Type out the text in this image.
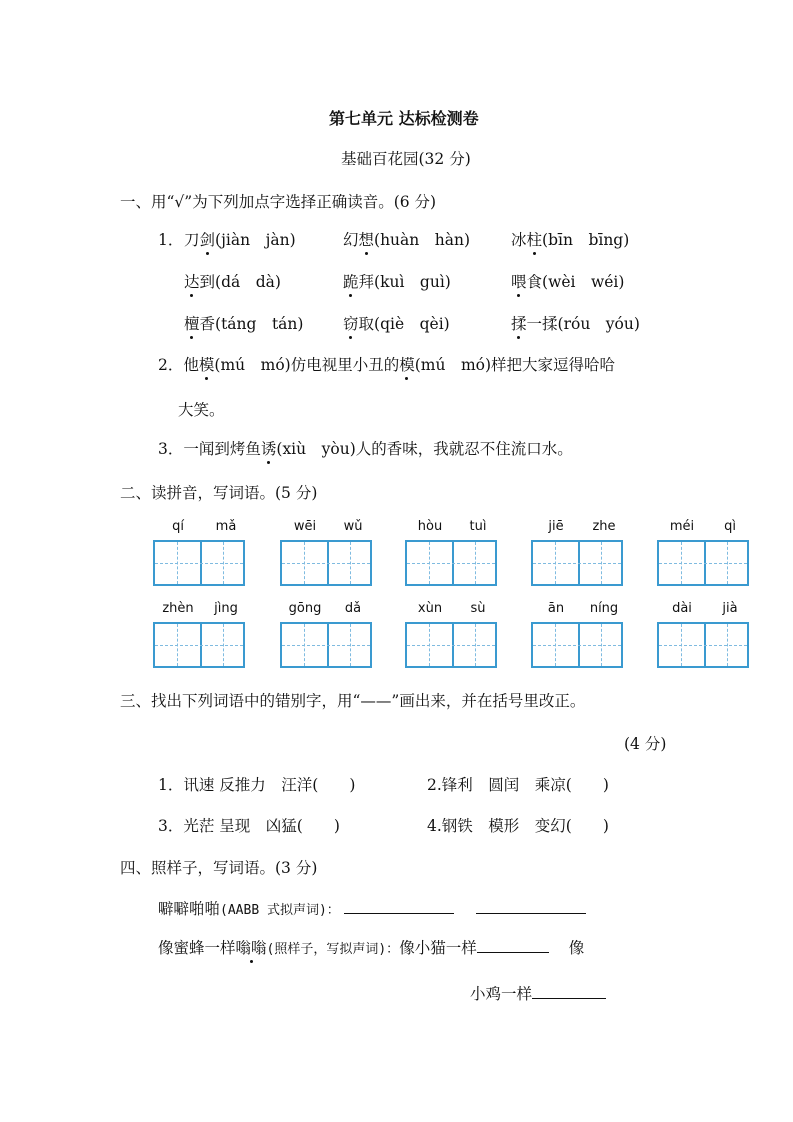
第七单元 达标检测卷
基础百花园(32 分)
一、用“√”为下列加点字选择正确读音。(6 分)
1． 刀剑(jiàn　jàn)	幻想(huàn　hàn)	冰柱(bīn　bīng)
达到(dá　dà)	跪拜(kuì　guì)	喂食(wèi　wéi)
檀香(táng　tán)	窃取(qiè　qèi)	揉一揉(róu　yóu)
2．他模(mú　mó)仿电视里小丑的模(mú　mó)样把大家逗得哈哈
大笑。
3．一闻到烤鱼诱(xiù　yòu)人的香味，我就忍不住流口水。
二、读拼音，写词语。(5 分)
qí	mǎ	wēi	wǔ	hòu	tuì	jiē	zhe	méi	qì
zhèn	jìng	gōng	dǎ	xùn	sù	ān	níng	dài	jià
三、找出下列词语中的错别字，用“——”画出来，并在括号里改正。
(4 分)
1．讯速 反推力　汪洋(　　)	2.锋利　圆闰　乘凉(　　)
3．光茫 呈现　凶猛(　　)	4.钢铁　模形　变幻(　　)
四、照样子，写词语。(3 分)
噼噼啪啪(AABB 式拟声词)：
像蜜蜂一样嗡嗡(照样子，写拟声词)：像小猫一样	像
小鸡一样
